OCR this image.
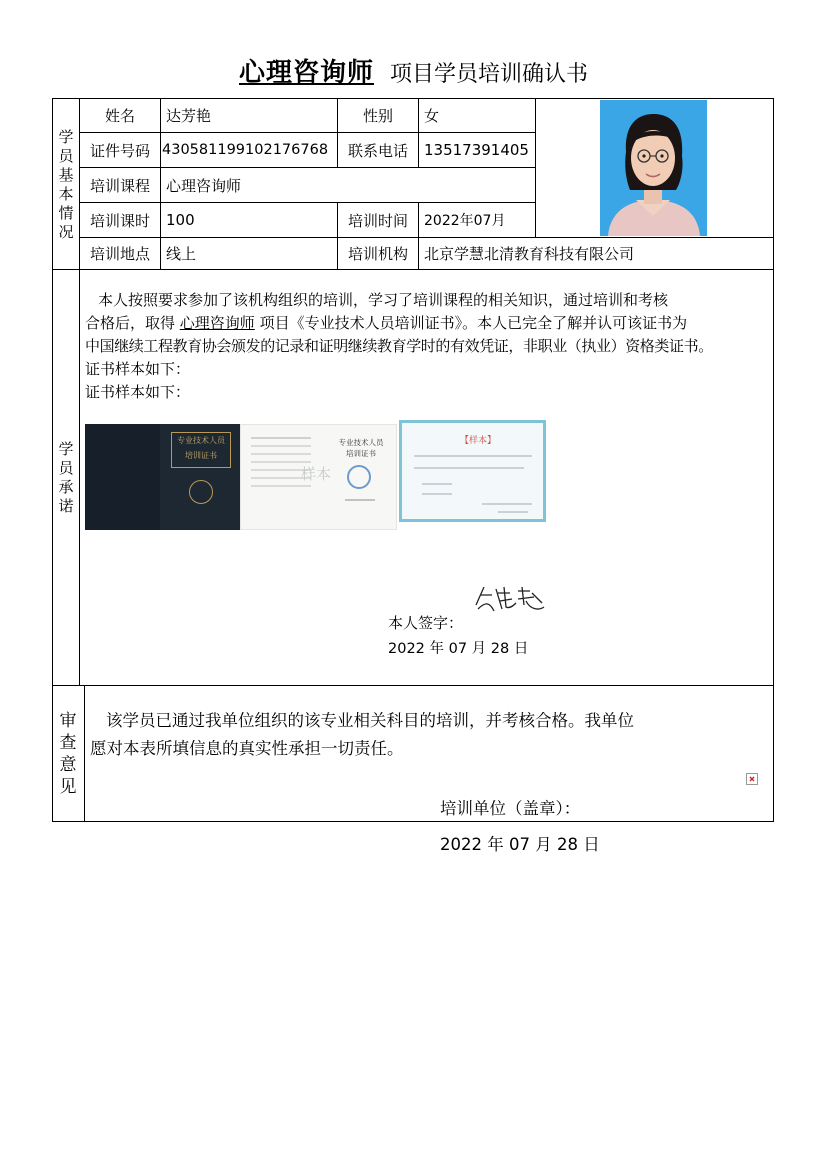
心理咨询师 项目学员培训确认书
学
员
基
本
情
况
姓名	达芳艳	性别	女
证件号码 430581199102176768	联系电话	13517391405
培训课程	心理咨询师
培训课时	100	培训时间	2022年07月
培训地点	线上	培训机构	北京学慧北清教育科技有限公司
学
员
承
诺
本人按照要求参加了该机构组织的培训，学习了培训课程的相关知识，通过培训和考核
合格后，取得 心理咨询师 项目《专业技术人员培训证书》。本人已完全了解并认可该证书为
中国继续工程教育协会颁发的记录和证明继续教育学时的有效凭证，非职业（执业）资格类证书。
证书样本如下：
证书样本如下：
专业技术人员
培训证书
样本
专业技术人员
培训证书
【样本】
本人签字：
2022 年 07 月 28 日
审
查
意
见
该学员已通过我单位组织的该专业相关科目的培训，并考核合格。我单位
愿对本表所填信息的真实性承担一切责任。
培训单位（盖章）：
2022 年 07 月 28 日
